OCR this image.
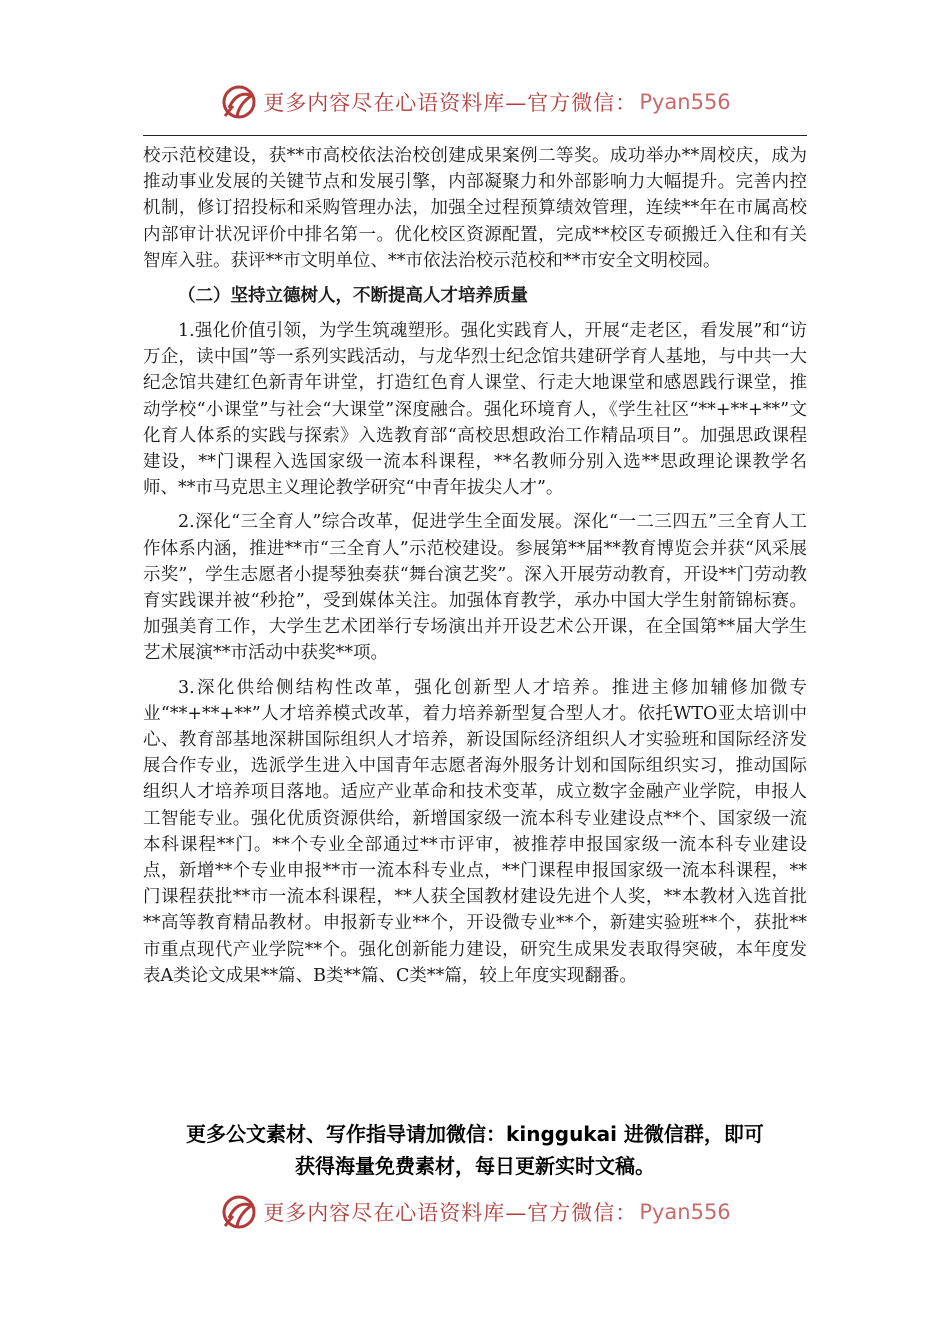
更多内容尽在心语资料库—官方微信： Pyan556

校示范校建设，获**市高校依法治校创建成果案例二等奖。成功举办**周校庆，成为推动事业发展的关键节点和发展引擎，内部凝聚力和外部影响力大幅提升。完善内控机制，修订招投标和采购管理办法，加强全过程预算绩效管理，连续**年在市属高校内部审计状况评价中排名第一。优化校区资源配置，完成**校区专硕搬迁入住和有关智库入驻。获评**市文明单位、**市依法治校示范校和**市安全文明校园。

（二）坚持立德树人，不断提高人才培养质量

1.强化价值引领，为学生筑魂塑形。强化实践育人，开展“走老区，看发展”和“访万企，读中国”等一系列实践活动，与龙华烈士纪念馆共建研学育人基地，与中共一大纪念馆共建红色新青年讲堂，打造红色育人课堂、行走大地课堂和感恩践行课堂，推动学校“小课堂”与社会“大课堂”深度融合。强化环境育人，《学生社区“**+**+**”文化育人体系的实践与探索》入选教育部“高校思想政治工作精品项目”。加强思政课程建设，**门课程入选国家级一流本科课程，**名教师分别入选**思政理论课教学名师、**市马克思主义理论教学研究“中青年拔尖人才”。

2.深化“三全育人”综合改革，促进学生全面发展。深化“一二三四五”三全育人工作体系内涵，推进**市“三全育人”示范校建设。参展第**届**教育博览会并获“风采展示奖”，学生志愿者小提琴独奏获“舞台演艺奖”。深入开展劳动教育，开设**门劳动教育实践课并被“秒抢”，受到媒体关注。加强体育教学，承办中国大学生射箭锦标赛。加强美育工作，大学生艺术团举行专场演出并开设艺术公开课，在全国第**届大学生艺术展演**市活动中获奖**项。

3.深化供给侧结构性改革，强化创新型人才培养。推进主修加辅修加微专业“**+**+**”人才培养模式改革，着力培养新型复合型人才。依托WTO亚太培训中心、教育部基地深耕国际组织人才培养，新设国际经济组织人才实验班和国际经济发展合作专业，选派学生进入中国青年志愿者海外服务计划和国际组织实习，推动国际组织人才培养项目落地。适应产业革命和技术变革，成立数字金融产业学院，申报人工智能专业。强化优质资源供给，新增国家级一流本科专业建设点**个、国家级一流本科课程**门。**个专业全部通过**市评审，被推荐申报国家级一流本科专业建设点，新增**个专业申报**市一流本科专业点，**门课程申报国家级一流本科课程，**门课程获批**市一流本科课程，**人获全国教材建设先进个人奖，**本教材入选首批**高等教育精品教材。申报新专业**个，开设微专业**个，新建实验班**个，获批**市重点现代产业学院**个。强化创新能力建设，研究生成果发表取得突破，本年度发表A类论文成果**篇、B类**篇、C类**篇，较上年度实现翻番。

更多公文素材、写作指导请加微信：kinggukai 进微信群，即可
获得海量免费素材，每日更新实时文稿。
更多内容尽在心语资料库—官方微信： Pyan556
